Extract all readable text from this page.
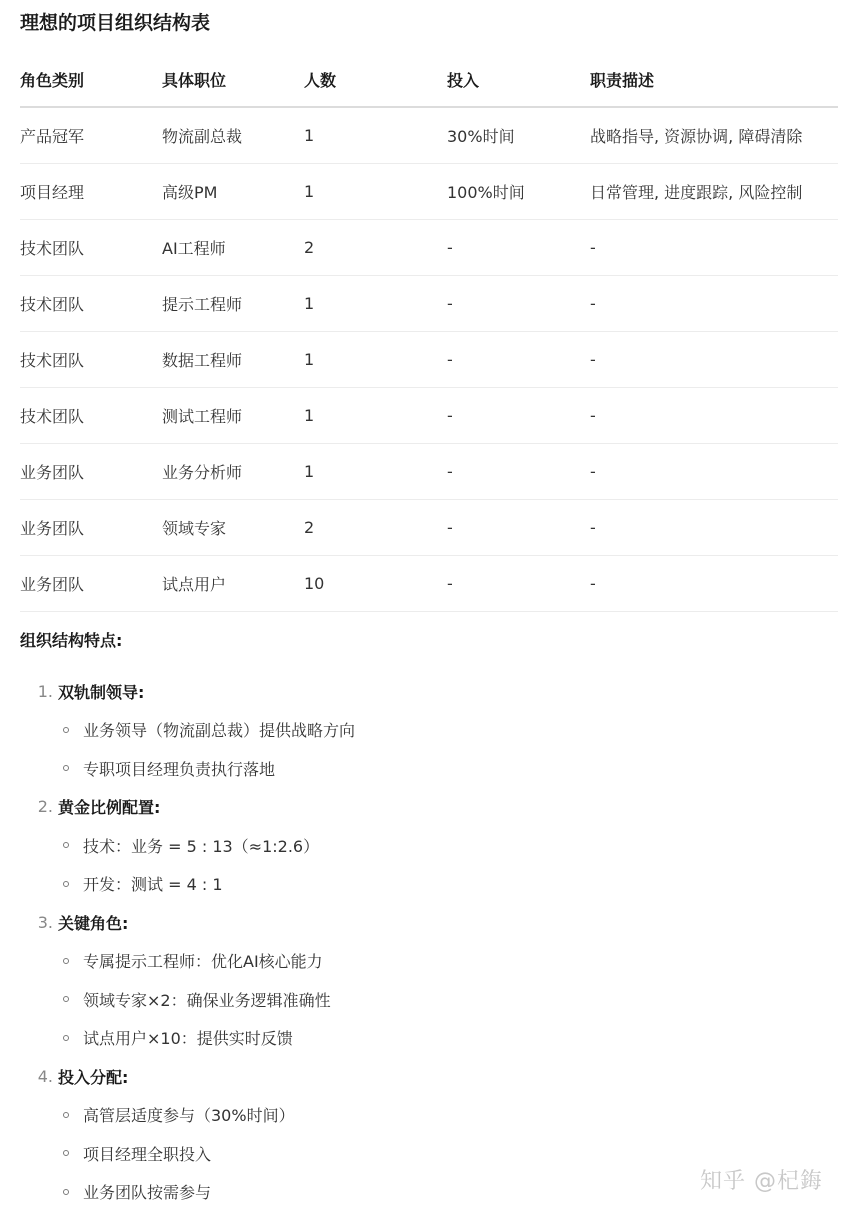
理想的项目组织结构表
角色类别	具体职位	人数	投入	职责描述
产品冠军	物流副总裁	1	30%时间	战略指导, 资源协调, 障碍清除
项目经理	高级PM	1	100%时间	日常管理, 进度跟踪, 风险控制
技术团队	AI工程师	2	-	-
技术团队	提示工程师	1	-	-
技术团队	数据工程师	1	-	-
技术团队	测试工程师	1	-	-
业务团队	业务分析师	1	-	-
业务团队	领域专家	2	-	-
业务团队	试点用户	10	-	-
组织结构特点:
1. 双轨制领导:
业务领导（物流副总裁）提供战略方向
专职项目经理负责执行落地
2. 黄金比例配置:
技术：业务 = 5 : 13（≈1:2.6）
开发：测试 = 4 : 1
3. 关键角色:
专属提示工程师：优化AI核心能力
领域专家×2：确保业务逻辑准确性
试点用户×10：提供实时反馈
4. 投入分配:
高管层适度参与（30%时间）
项目经理全职投入
业务团队按需参与	知乎 @杞鋂
